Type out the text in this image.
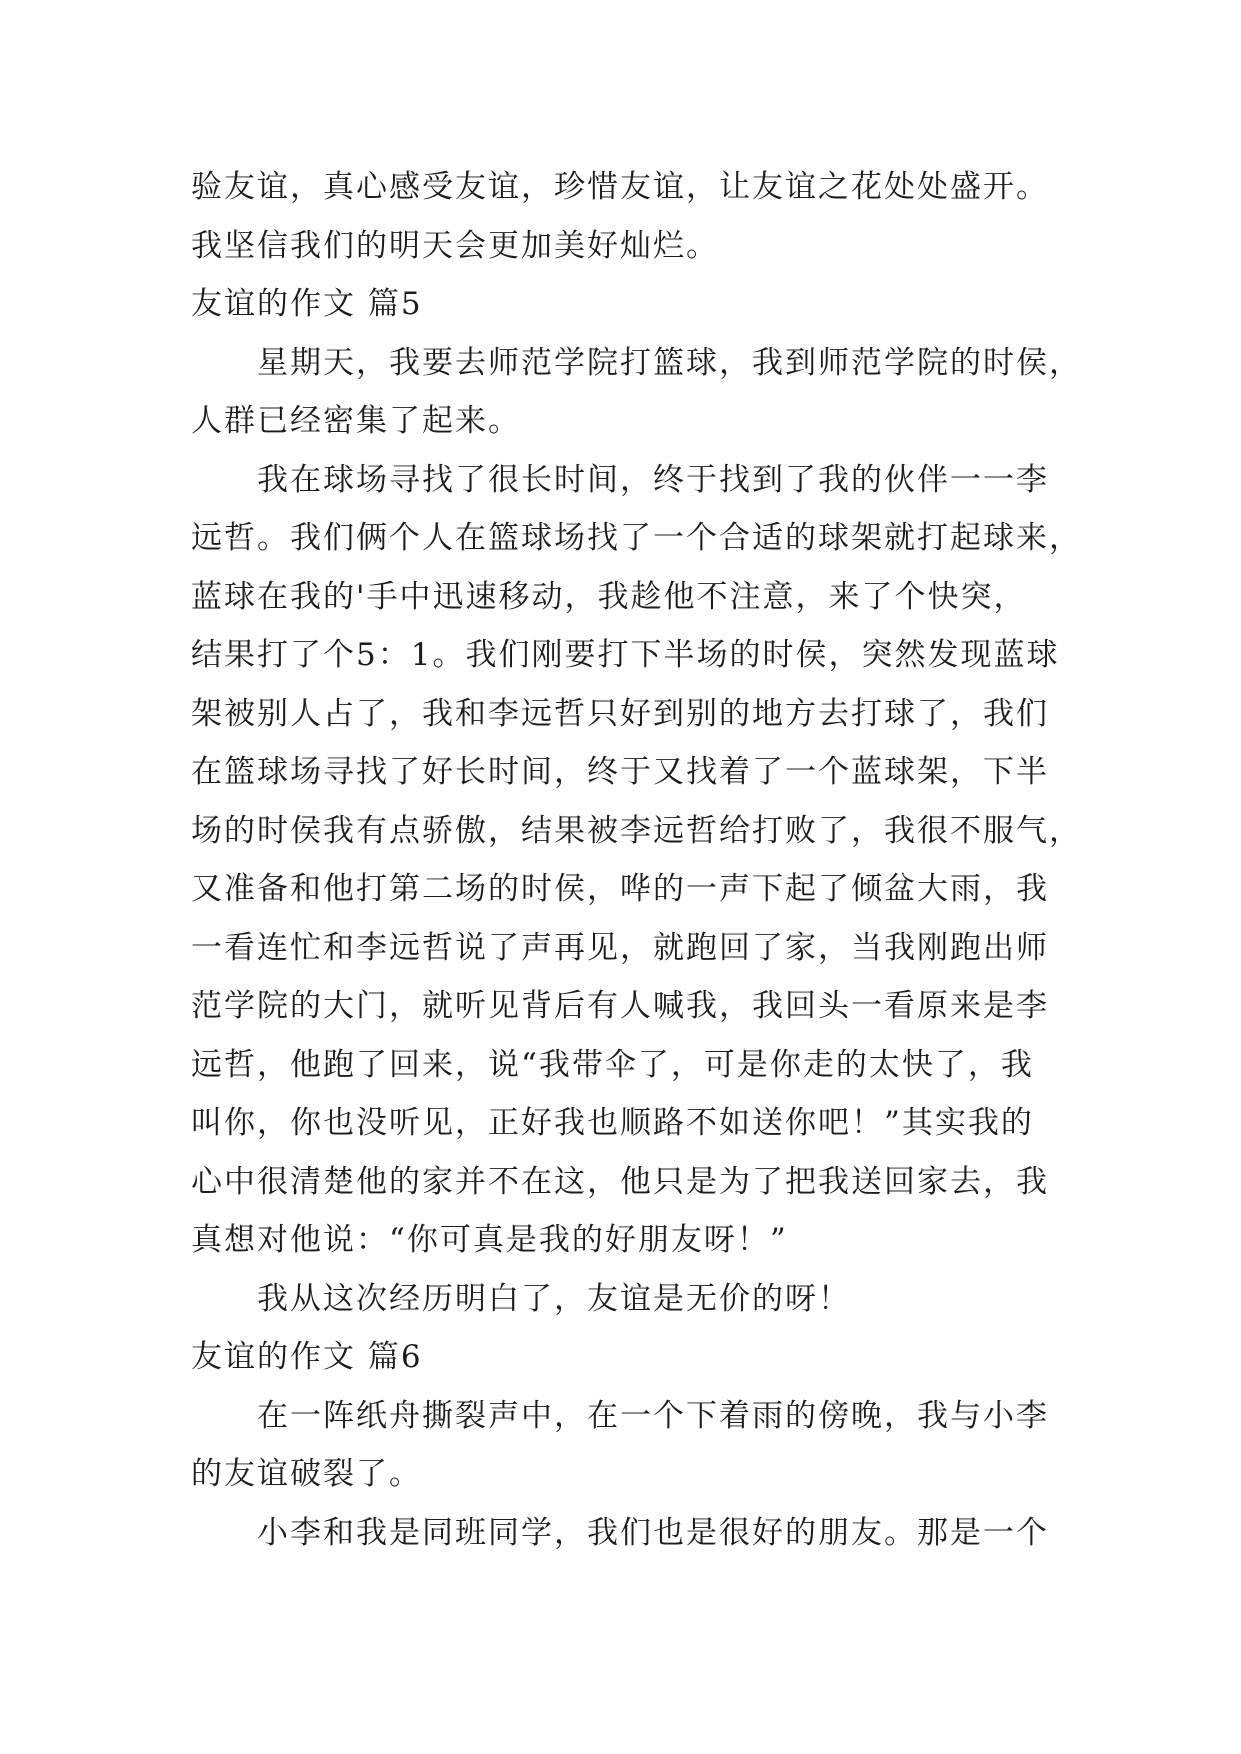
验友谊，真心感受友谊，珍惜友谊，让友谊之花处处盛开。
我坚信我们的明天会更加美好灿烂。
友谊的作文 篇5
星期天，我要去师范学院打篮球，我到师范学院的时侯，
人群已经密集了起来。
我在球场寻找了很长时间，终于找到了我的伙伴一一李
远哲。我们俩个人在篮球场找了一个合适的球架就打起球来，
蓝球在我的'手中迅速移动，我趁他不注意，来了个快突，
结果打了个5：1。我们刚要打下半场的时侯，突然发现蓝球
架被别人占了，我和李远哲只好到别的地方去打球了，我们
在篮球场寻找了好长时间，终于又找着了一个蓝球架，下半
场的时侯我有点骄傲，结果被李远哲给打败了，我很不服气，
又准备和他打第二场的时侯，哗的一声下起了倾盆大雨，我
一看连忙和李远哲说了声再见，就跑回了家，当我刚跑出师
范学院的大门，就听见背后有人喊我，我回头一看原来是李
远哲，他跑了回来，说“我带伞了，可是你走的太快了，我
叫你，你也没听见，正好我也顺路不如送你吧！”其实我的
心中很清楚他的家并不在这，他只是为了把我送回家去，我
真想对他说：“你可真是我的好朋友呀！”
我从这次经历明白了，友谊是无价的呀！
友谊的作文 篇6
在一阵纸舟撕裂声中，在一个下着雨的傍晚，我与小李
的友谊破裂了。
小李和我是同班同学，我们也是很好的朋友。那是一个
